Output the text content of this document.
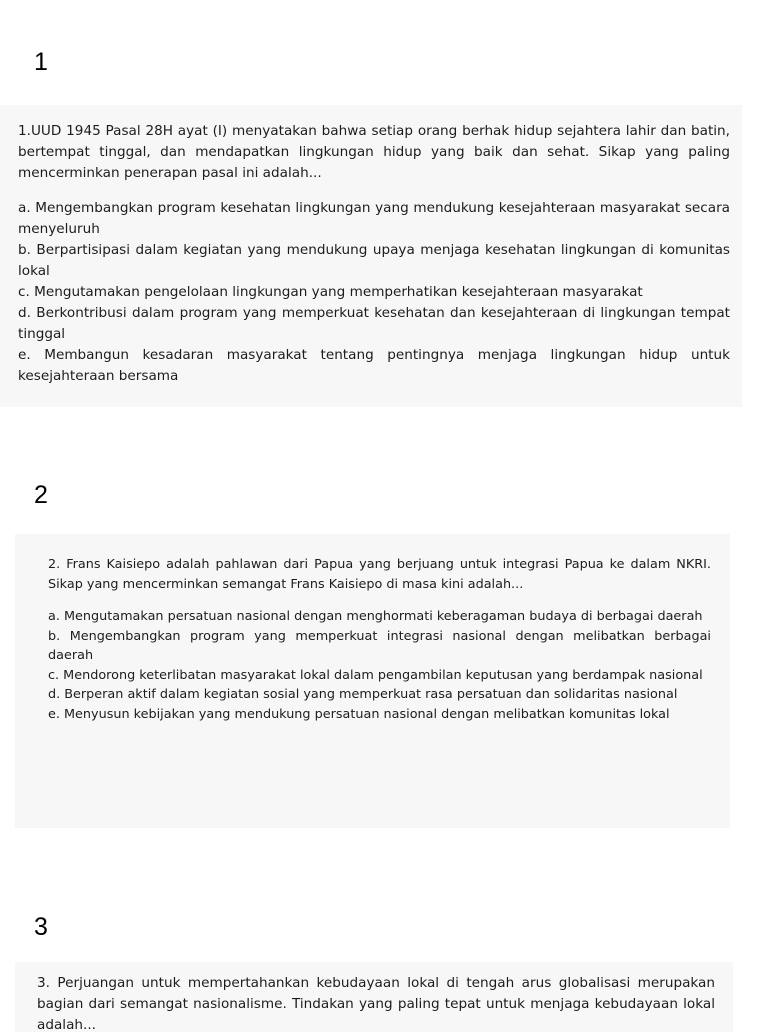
1

1.UUD 1945 Pasal 28H ayat (I) menyatakan bahwa setiap orang berhak hidup sejahtera lahir dan batin, bertempat tinggal, dan mendapatkan lingkungan hidup yang baik dan sehat. Sikap yang paling mencerminkan penerapan pasal ini adalah...

a. Mengembangkan program kesehatan lingkungan yang mendukung kesejahteraan masyarakat secara menyeluruh

b. Berpartisipasi dalam kegiatan yang mendukung upaya menjaga kesehatan lingkungan di komunitas lokal

c. Mengutamakan pengelolaan lingkungan yang memperhatikan kesejahteraan masyarakat

d. Berkontribusi dalam program yang memperkuat kesehatan dan kesejahteraan di lingkungan tempat tinggal

e. Membangun kesadaran masyarakat tentang pentingnya menjaga lingkungan hidup untuk kesejahteraan bersama

2

2. Frans Kaisiepo adalah pahlawan dari Papua yang berjuang untuk integrasi Papua ke dalam NKRI. Sikap yang mencerminkan semangat Frans Kaisiepo di masa kini adalah...

a. Mengutamakan persatuan nasional dengan menghormati keberagaman budaya di berbagai daerah

b. Mengembangkan program yang memperkuat integrasi nasional dengan melibatkan berbagai daerah

c. Mendorong keterlibatan masyarakat lokal dalam pengambilan keputusan yang berdampak nasional

d. Berperan aktif dalam kegiatan sosial yang memperkuat rasa persatuan dan solidaritas nasional

e. Menyusun kebijakan yang mendukung persatuan nasional dengan melibatkan komunitas lokal

3

3. Perjuangan untuk mempertahankan kebudayaan lokal di tengah arus globalisasi merupakan bagian dari semangat nasionalisme. Tindakan yang paling tepat untuk menjaga kebudayaan lokal adalah...
